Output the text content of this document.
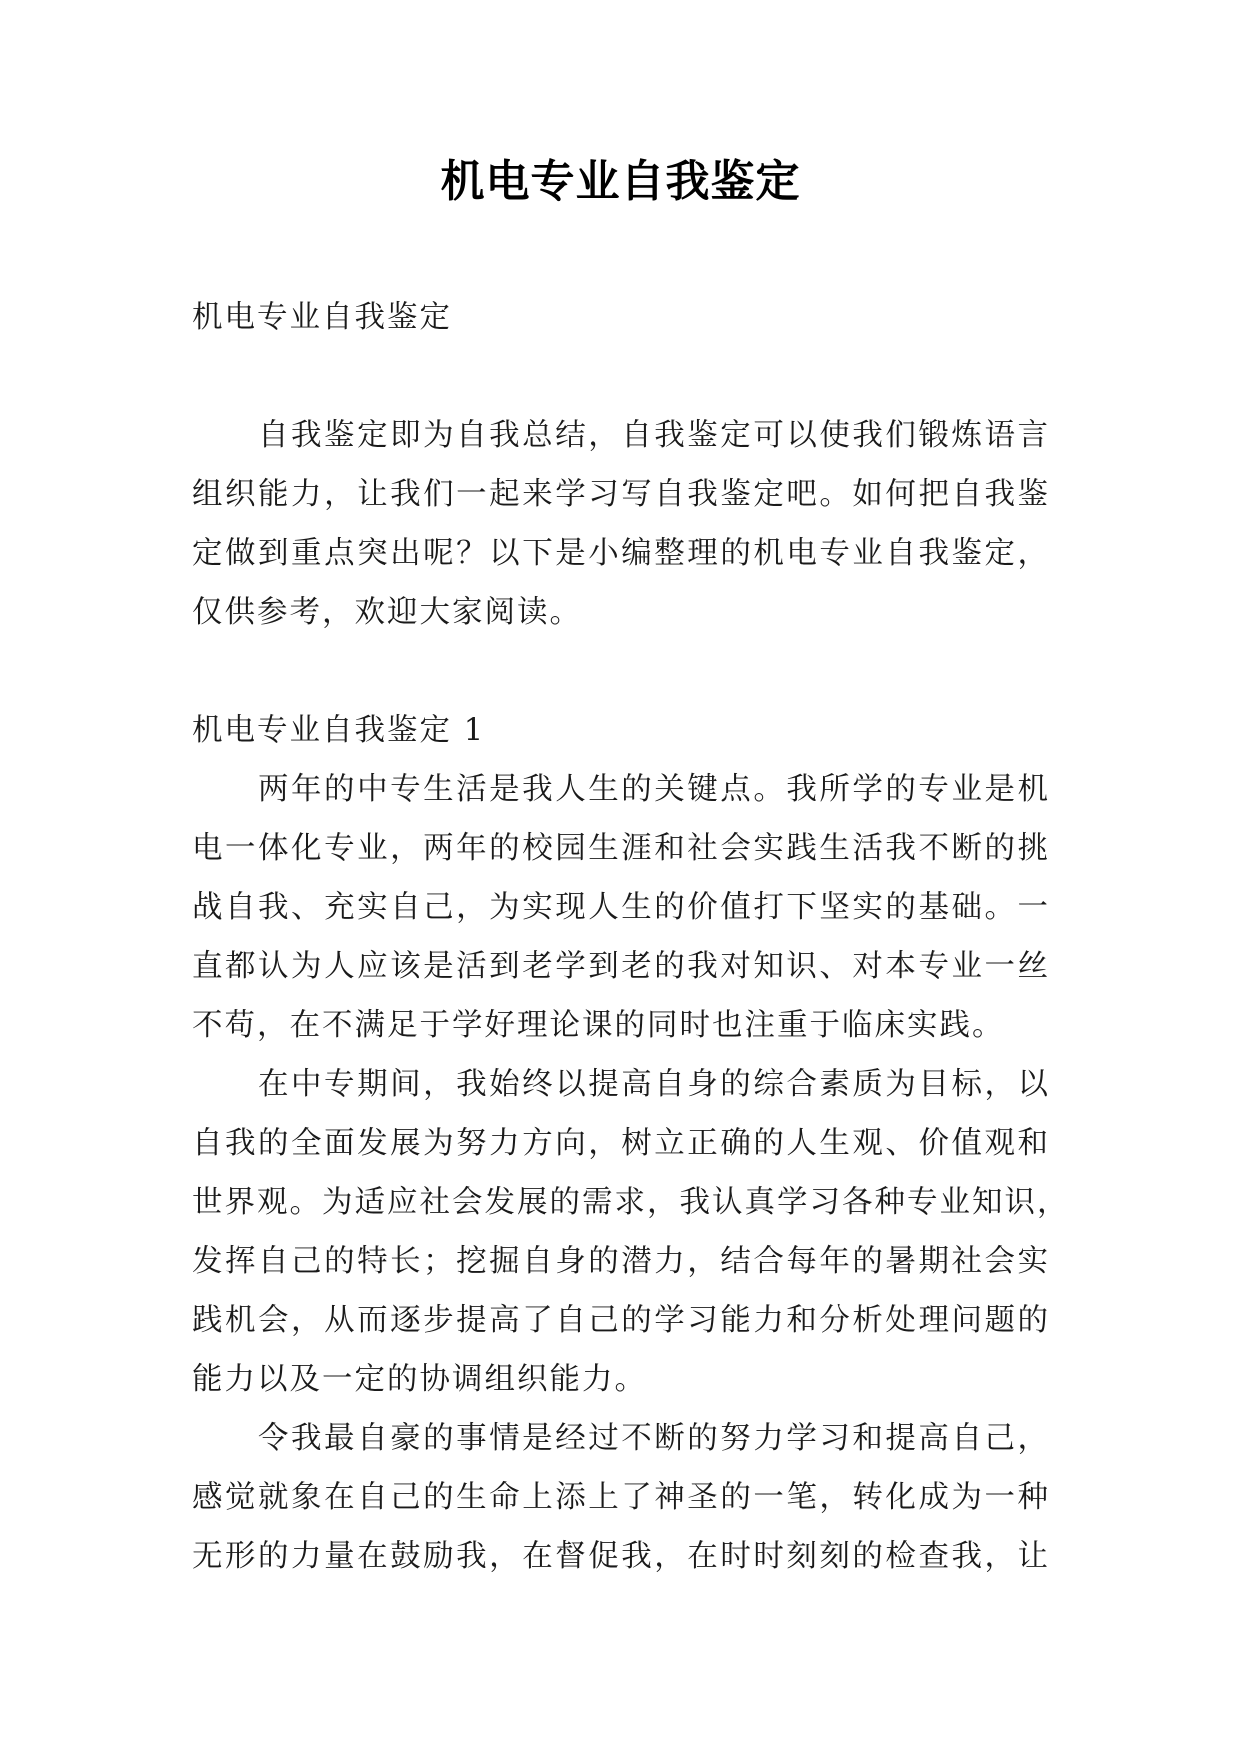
机电专业自我鉴定
机电专业自我鉴定
自我鉴定即为自我总结，自我鉴定可以使我们锻炼语言
组织能力，让我们一起来学习写自我鉴定吧。如何把自我鉴
定做到重点突出呢？以下是小编整理的机电专业自我鉴定，
仅供参考，欢迎大家阅读。
机电专业自我鉴定 1
两年的中专生活是我人生的关键点。我所学的专业是机
电一体化专业，两年的校园生涯和社会实践生活我不断的挑
战自我、充实自己，为实现人生的价值打下坚实的基础。一
直都认为人应该是活到老学到老的我对知识、对本专业一丝
不苟，在不满足于学好理论课的同时也注重于临床实践。
在中专期间，我始终以提高自身的综合素质为目标，以
自我的全面发展为努力方向，树立正确的人生观、价值观和
世界观。为适应社会发展的需求，我认真学习各种专业知识，
发挥自己的特长；挖掘自身的潜力，结合每年的暑期社会实
践机会，从而逐步提高了自己的学习能力和分析处理问题的
能力以及一定的协调组织能力。
令我最自豪的事情是经过不断的努力学习和提高自己，
感觉就象在自己的生命上添上了神圣的一笔，转化成为一种
无形的力量在鼓励我，在督促我，在时时刻刻的检查我，让
